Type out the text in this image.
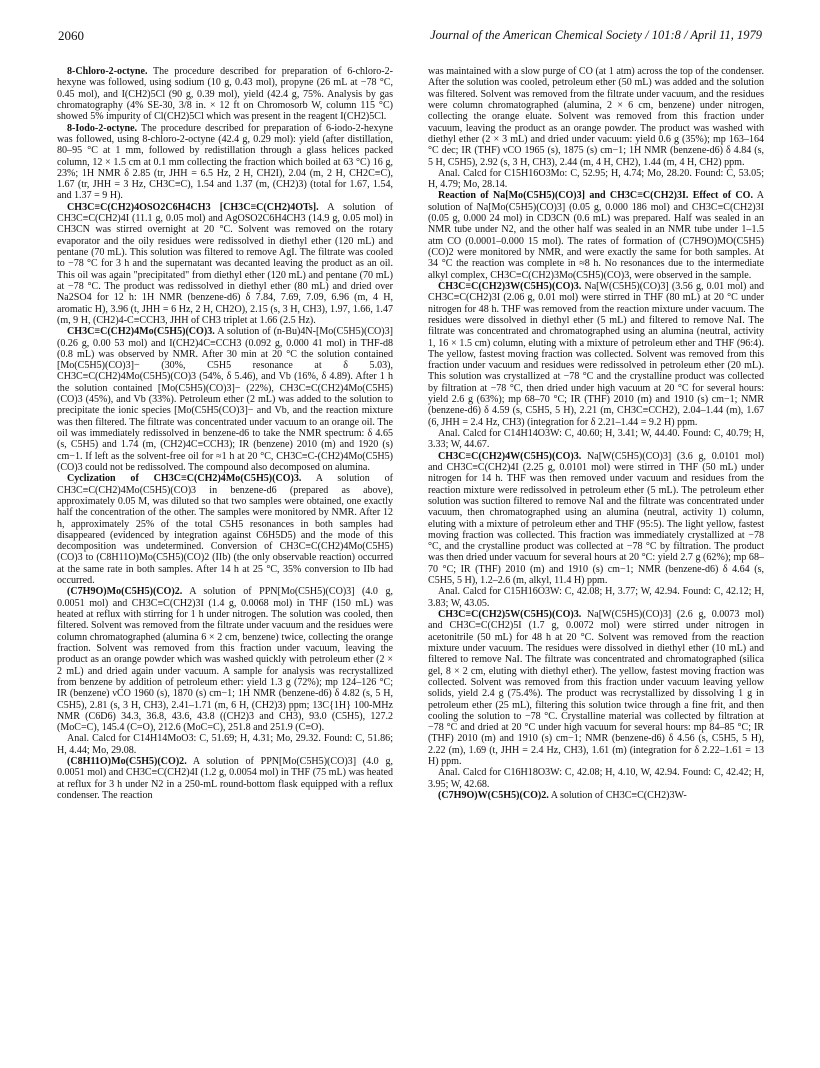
2060	Journal of the American Chemical Society / 101:8 / April 11, 1979

8-Chloro-2-octyne. The procedure described for preparation of 6-chloro-2-hexyne was followed, using sodium (10 g, 0.43 mol), propyne (26 mL at −78 °C, 0.45 mol), and I(CH2)5Cl (90 g, 0.39 mol), yield (42.4 g, 75%. Analysis by gas chromatography (4% SE-30, 3/8 in. × 12 ft on Chromosorb W, column 115 °C) showed 5% impurity of Cl(CH2)5Cl which was present in the reagent I(CH2)5Cl.

8-Iodo-2-octyne. The procedure described for preparation of 6-iodo-2-hexyne was followed, using 8-chloro-2-octyne (42.4 g, 0.29 mol): yield (after distillation, 80–95 °C at 1 mm, followed by redistillation through a glass helices packed column, 12 × 1.5 cm at 0.1 mm collecting the fraction which boiled at 63 °C) 16 g, 23%; 1H NMR δ 2.85 (tr, JHH = 6.5 Hz, 2 H, CH2I), 2.04 (m, 2 H, CH2C≡C), 1.67 (tr, JHH = 3 Hz, CH3C≡C), 1.54 and 1.37 (m, (CH2)3) (total for 1.67, 1.54, and 1.37 = 9 H).

CH3C≡C(CH2)4OSO2C6H4CH3 [CH3C≡C(CH2)4OTs]. A solution of CH3C≡C(CH2)4I (11.1 g, 0.05 mol) and AgOSO2C6H4CH3 (14.9 g, 0.05 mol) in CH3CN was stirred overnight at 20 °C. Solvent was removed on the rotary evaporator and the oily residues were redissolved in diethyl ether (120 mL) and pentane (70 mL). This solution was filtered to remove AgI. The filtrate was cooled to −78 °C for 3 h and the supernatant was decanted leaving the product as an oil. This oil was again "precipitated" from diethyl ether (120 mL) and pentane (70 mL) at −78 °C. The product was redissolved in diethyl ether (80 mL) and dried over Na2SO4 for 12 h: 1H NMR (benzene-d6) δ 7.84, 7.69, 7.09, 6.96 (m, 4 H, aromatic H), 3.96 (t, JHH = 6 Hz, 2 H, CH2O), 2.15 (s, 3 H, CH3), 1.97, 1.66, 1.47 (m, 9 H, (CH2)4-C≡CCH3, JHH of CH3 triplet at 1.66 (2.5 Hz).

CH3C≡C(CH2)4Mo(C5H5)(CO)3. A solution of (n-Bu)4N-[Mo(C5H5)(CO)3] (0.26 g, 0.00 53 mol) and I(CH2)4C≡CCH3 (0.092 g, 0.000 41 mol) in THF-d8 (0.8 mL) was observed by NMR. After 30 min at 20 °C the solution contained [Mo(C5H5)(CO)3]− (30%, C5H5 resonance at δ 5.03), CH3C≡C(CH2)4Mo(C5H5)(CO)3 (54%, δ 5.46), and Vb (16%, δ 4.89). After 1 h the solution contained [Mo(C5H5)(CO)3]− (22%), CH3C≡C(CH2)4Mo(C5H5)(CO)3 (45%), and Vb (33%). Petroleum ether (2 mL) was added to the solution to precipitate the ionic species [Mo(C5H5(CO)3]− and Vb, and the reaction mixture was then filtered. The filtrate was concentrated under vacuum to an orange oil. The oil was immediately redissolved in benzene-d6 to take the NMR spectrum: δ 4.65 (s, C5H5) and 1.74 (m, (CH2)4C≡CCH3); IR (benzene) 2010 (m) and 1920 (s) cm−1. If left as the solvent-free oil for ≈1 h at 20 °C, CH3C≡C-(CH2)4Mo(C5H5)(CO)3 could not be redissolved. The compound also decomposed on alumina.

Cyclization of CH3C≡C(CH2)4Mo(C5H5)(CO)3. A solution of CH3C≡C(CH2)4Mo(C5H5)(CO)3 in benzene-d6 (prepared as above), approximately 0.05 M, was diluted so that two samples were obtained, one exactly half the concentration of the other. The samples were monitored by NMR. After 12 h, approximately 25% of the total C5H5 resonances in both samples had disappeared (evidenced by integration against C6H5D5) and the mode of this decomposition was undetermined. Conversion of CH3C≡C(CH2)4Mo(C5H5)(CO)3 to (C8H11O)Mo(C5H5)(CO)2 (IIb) (the only observable reaction) occurred at the same rate in both samples. After 14 h at 25 °C, 35% conversion to IIb had occurred.

(C7H9O)Mo(C5H5)(CO)2. A solution of PPN[Mo(C5H5)(CO)3] (4.0 g, 0.0051 mol) and CH3C≡C(CH2)3I (1.4 g, 0.0068 mol) in THF (150 mL) was heated at reflux with stirring for 1 h under nitrogen. The solution was cooled, then filtered. Solvent was removed from the filtrate under vacuum and the residues were column chromatographed (alumina 6 × 2 cm, benzene) twice, collecting the orange fraction. Solvent was removed from this fraction under vacuum, leaving the product as an orange powder which was washed quickly with petroleum ether (2 × 2 mL) and dried again under vacuum. A sample for analysis was recrystallized from benzene by addition of petroleum ether: yield 1.3 g (72%); mp 124–126 °C; IR (benzene) νCO 1960 (s), 1870 (s) cm−1; 1H NMR (benzene-d6) δ 4.82 (s, 5 H, C5H5), 2.81 (s, 3 H, CH3), 2.41–1.71 (m, 6 H, (CH2)3) ppm; 13C{1H} 100-MHz NMR (C6D6) 34.3, 36.8, 43.6, 43.8 ((CH2)3 and CH3), 93.0 (C5H5), 127.2 (MoC=C), 145.4 (C=O), 212.6 (MoC=C), 251.8 and 251.9 (C≡O).

Anal. Calcd for C14H14MoO3: C, 51.69; H, 4.31; Mo, 29.32. Found: C, 51.86; H, 4.44; Mo, 29.08.

(C8H11O)Mo(C5H5)(CO)2. A solution of PPN[Mo(C5H5)(CO)3] (4.0 g, 0.0051 mol) and CH3C≡C(CH2)4I (1.2 g, 0.0054 mol) in THF (75 mL) was heated at reflux for 3 h under N2 in a 250-mL round-bottom flask equipped with a reflux condenser. The reaction

was maintained with a slow purge of CO (at 1 atm) across the top of the condenser. After the solution was cooled, petroleum ether (50 mL) was added and the solution was filtered. Solvent was removed from the filtrate under vacuum, and the residues were column chromatographed (alumina, 2 × 6 cm, benzene) under nitrogen, collecting the orange eluate. Solvent was removed from this fraction under vacuum, leaving the product as an orange powder. The product was washed with diethyl ether (2 × 3 mL) and dried under vacuum: yield 0.6 g (35%); mp 163–164 °C dec; IR (THF) νCO 1965 (s), 1875 (s) cm−1; 1H NMR (benzene-d6) δ 4.84 (s, 5 H, C5H5), 2.92 (s, 3 H, CH3), 2.44 (m, 4 H, CH2), 1.44 (m, 4 H, CH2) ppm.

Anal. Calcd for C15H16O3Mo: C, 52.95; H, 4.74; Mo, 28.20. Found: C, 53.05; H, 4.79; Mo, 28.14.

Reaction of Na[Mo(C5H5)(CO)3] and CH3C≡C(CH2)3I. Effect of CO. A solution of Na[Mo(C5H5)(CO)3] (0.05 g, 0.000 186 mol) and CH3C≡C(CH2)3I (0.05 g, 0.000 24 mol) in CD3CN (0.6 mL) was prepared. Half was sealed in an NMR tube under N2, and the other half was sealed in an NMR tube under 1–1.5 atm CO (0.0001–0.000 15 mol). The rates of formation of (C7H9O)MO(C5H5)(CO)2 were monitored by NMR, and were exactly the same for both samples. At 34 °C the reaction was complete in ≈8 h. No resonances due to the intermediate alkyl complex, CH3C≡C(CH2)3Mo(C5H5)(CO)3, were observed in the sample.

CH3C≡C(CH2)3W(C5H5)(CO)3. Na[W(C5H5)(CO)3] (3.56 g, 0.01 mol) and CH3C≡C(CH2)3I (2.06 g, 0.01 mol) were stirred in THF (80 mL) at 20 °C under nitrogen for 48 h. THF was removed from the reaction mixture under vacuum. The residues were dissolved in diethyl ether (5 mL) and filtered to remove NaI. The filtrate was concentrated and chromatographed using an alumina (neutral, activity 1, 16 × 1.5 cm) column, eluting with a mixture of petroleum ether and THF (96:4). The yellow, fastest moving fraction was collected. Solvent was removed from this fraction under vacuum and residues were redissolved in petroleum ether (20 mL). This solution was crystallized at −78 °C and the crystalline product was collected by filtration at −78 °C, then dried under high vacuum at 20 °C for several hours: yield 2.6 g (63%); mp 68–70 °C; IR (THF) 2010 (m) and 1910 (s) cm−1; NMR (benzene-d6) δ 4.59 (s, C5H5, 5 H), 2.21 (m, CH3C≡CCH2), 2.04–1.44 (m), 1.67 (6, JHH = 2.4 Hz, CH3) (integration for δ 2.21–1.44 = 9.2 H) ppm.

Anal. Calcd for C14H14O3W: C, 40.60; H, 3.41; W, 44.40. Found: C, 40.79; H, 3.33; W, 44.67.

CH3C≡C(CH2)4W(C5H5)(CO)3. Na[W(C5H5)(CO)3] (3.6 g, 0.0101 mol) and CH3C≡C(CH2)4I (2.25 g, 0.0101 mol) were stirred in THF (50 mL) under nitrogen for 14 h. THF was then removed under vacuum and residues from the reaction mixture were redissolved in petroleum ether (5 mL). The petroleum ether solution was suction filtered to remove NaI and the filtrate was concentrated under vacuum, then chromatographed using an alumina (neutral, activity 1) column, eluting with a mixture of petroleum ether and THF (95:5). The light yellow, fastest moving fraction was collected. This fraction was immediately crystallized at −78 °C, and the crystalline product was collected at −78 °C by filtration. The product was then dried under vacuum for several hours at 20 °C: yield 2.7 g (62%); mp 68–70 °C; IR (THF) 2010 (m) and 1910 (s) cm−1; NMR (benzene-d6) δ 4.64 (s, C5H5, 5 H), 1.2–2.6 (m, alkyl, 11.4 H) ppm.

Anal. Calcd for C15H16O3W: C, 42.08; H, 3.77; W, 42.94. Found: C, 42.12; H, 3.83; W, 43.05.

CH3C≡C(CH2)5W(C5H5)(CO)3. Na[W(C5H5)(CO)3] (2.6 g, 0.0073 mol) and CH3C≡C(CH2)5I (1.7 g, 0.0072 mol) were stirred under nitrogen in acetonitrile (50 mL) for 48 h at 20 °C. Solvent was removed from the reaction mixture under vacuum. The residues were dissolved in diethyl ether (10 mL) and filtered to remove NaI. The filtrate was concentrated and chromatographed (silica gel, 8 × 2 cm, eluting with diethyl ether). The yellow, fastest moving fraction was collected. Solvent was removed from this fraction under vacuum leaving yellow solids, yield 2.4 g (75.4%). The product was recrystallized by dissolving 1 g in petroleum ether (25 mL), filtering this solution twice through a fine frit, and then cooling the solution to −78 °C. Crystalline material was collected by filtration at −78 °C and dried at 20 °C under high vacuum for several hours: mp 84–85 °C; IR (THF) 2010 (m) and 1910 (s) cm−1; NMR (benzene-d6) δ 4.56 (s, C5H5, 5 H), 2.22 (m), 1.69 (t, JHH = 2.4 Hz, CH3), 1.61 (m) (integration for δ 2.22–1.61 = 13 H) ppm.

Anal. Calcd for C16H18O3W: C, 42.08; H, 4.10, W, 42.94. Found: C, 42.42; H, 3.95; W, 42.68.

(C7H9O)W(C5H5)(CO)2. A solution of CH3C≡C(CH2)3W-
